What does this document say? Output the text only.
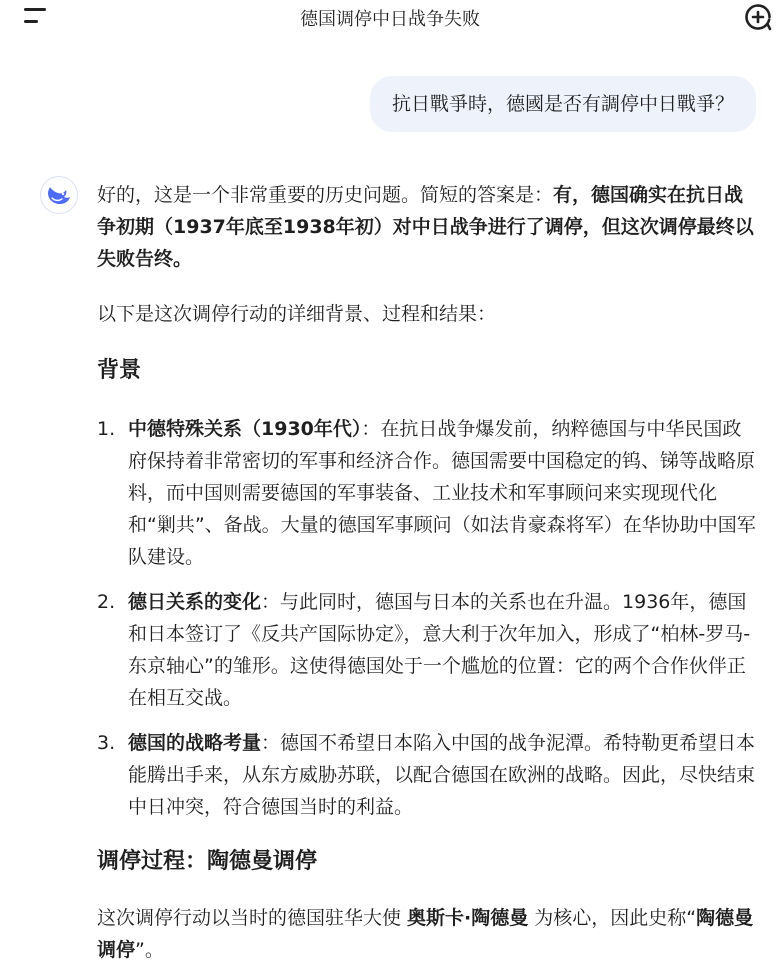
德国调停中日战争失败
抗日戰爭時，德國是否有調停中日戰爭？

好的，这是一个非常重要的历史问题。简短的答案是：有，德国确实在抗日战争初期（1937年底至1938年初）对中日战争进行了调停，但这次调停最终以失败告终。

以下是这次调停行动的详细背景、过程和结果：

背景
1. 中德特殊关系（1930年代）：在抗日战争爆发前，纳粹德国与中华民国政府保持着非常密切的军事和经济合作。德国需要中国稳定的钨、锑等战略原料，而中国则需要德国的军事装备、工业技术和军事顾问来实现现代化和“剿共”、备战。大量的德国军事顾问（如法肯豪森将军）在华协助中国军队建设。
2. 德日关系的变化：与此同时，德国与日本的关系也在升温。1936年，德国和日本签订了《反共产国际协定》，意大利于次年加入，形成了“柏林-罗马-东京轴心”的雏形。这使得德国处于一个尴尬的位置：它的两个合作伙伴正在相互交战。
3. 德国的战略考量：德国不希望日本陷入中国的战争泥潭。希特勒更希望日本能腾出手来，从东方威胁苏联，以配合德国在欧洲的战略。因此，尽快结束中日冲突，符合德国当时的利益。
调停过程：陶德曼调停

这次调停行动以当时的德国驻华大使 奥斯卡·陶德曼 为核心，因此史称“陶德曼调停”。
